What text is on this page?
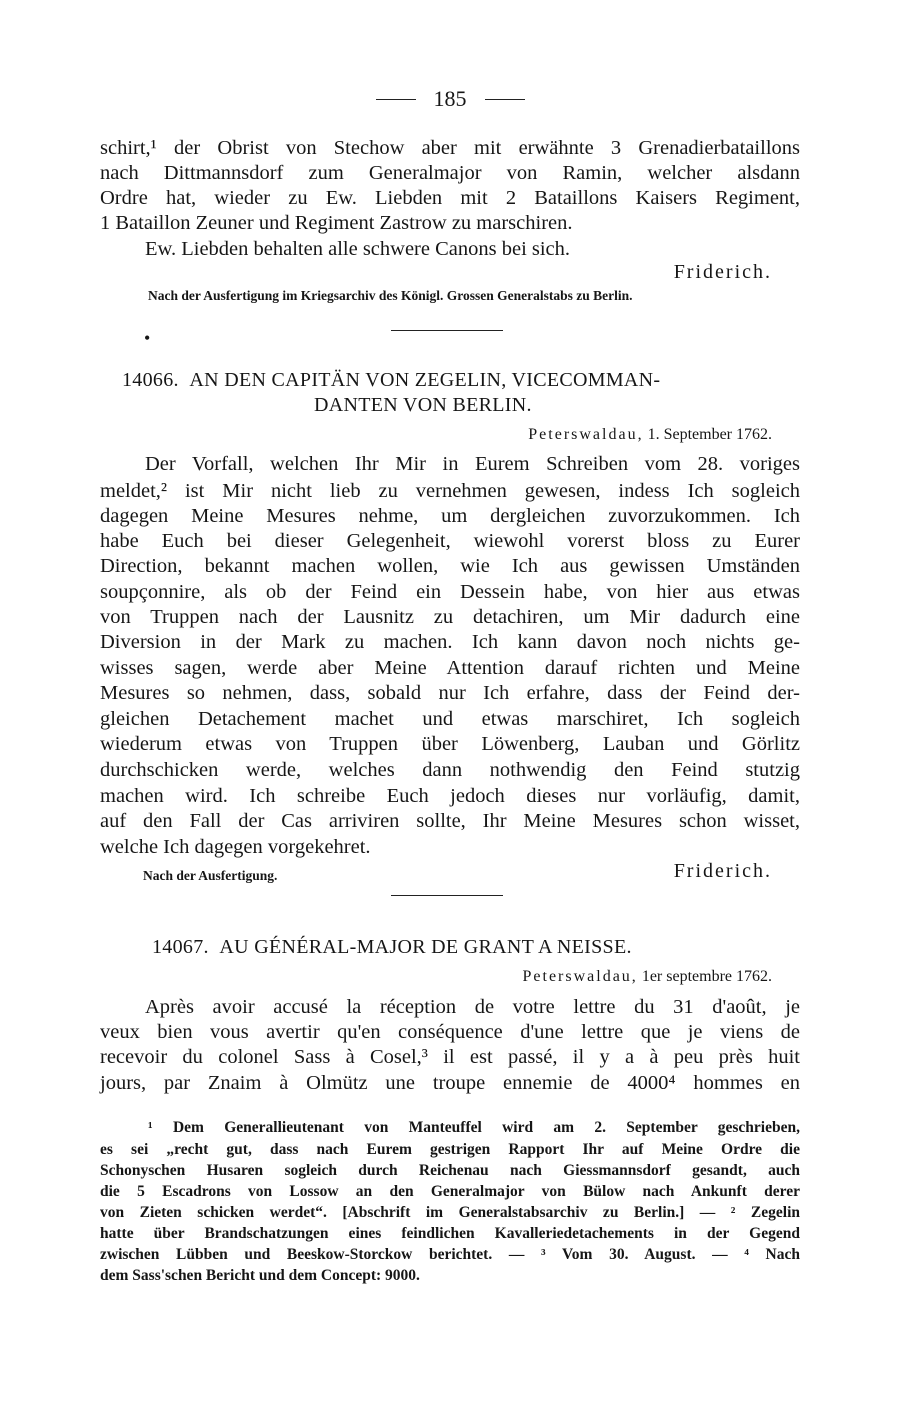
185
schirt,¹ der Obrist von Stechow aber mit erwähnte 3 Grenadierbataillons
nach Dittmannsdorf zum Generalmajor von Ramin, welcher alsdann
Ordre hat, wieder zu Ew. Liebden mit 2 Bataillons Kaisers Regiment,
1 Bataillon Zeuner und Regiment Zastrow zu marschiren.
Ew. Liebden behalten alle schwere Canons bei sich.
Friderich.
Nach der Ausfertigung im Kriegsarchiv des Königl. Grossen Generalstabs zu Berlin.
•
14066. AN DEN CAPITÄN VON ZEGELIN, VICECOMMAN-
DANTEN VON BERLIN.
Peterswaldau, 1. September 1762.
Der Vorfall, welchen Ihr Mir in Eurem Schreiben vom 28. voriges
meldet,² ist Mir nicht lieb zu vernehmen gewesen, indess Ich sogleich
dagegen Meine Mesures nehme, um dergleichen zuvorzukommen. Ich
habe Euch bei dieser Gelegenheit, wiewohl vorerst bloss zu Eurer
Direction, bekannt machen wollen, wie Ich aus gewissen Umständen
soupçonnire, als ob der Feind ein Dessein habe, von hier aus etwas
von Truppen nach der Lausnitz zu detachiren, um Mir dadurch eine
Diversion in der Mark zu machen. Ich kann davon noch nichts ge-
wisses sagen, werde aber Meine Attention darauf richten und Meine
Mesures so nehmen, dass, sobald nur Ich erfahre, dass der Feind der-
gleichen Detachement machet und etwas marschiret, Ich sogleich
wiederum etwas von Truppen über Löwenberg, Lauban und Görlitz
durchschicken werde, welches dann nothwendig den Feind stutzig
machen wird. Ich schreibe Euch jedoch dieses nur vorläufig, damit,
auf den Fall der Cas arriviren sollte, Ihr Meine Mesures schon wisset,
welche Ich dagegen vorgekehret.
Nach der Ausfertigung.	Friderich.
14067. AU GÉNÉRAL-MAJOR DE GRANT A NEISSE.
Peterswaldau, 1er septembre 1762.
Après avoir accusé la réception de votre lettre du 31 d'août, je
veux bien vous avertir qu'en conséquence d'une lettre que je viens de
recevoir du colonel Sass à Cosel,³ il est passé, il y a à peu près huit
jours, par Znaim à Olmütz une troupe ennemie de 4000⁴ hommes en
¹ Dem Generallieutenant von Manteuffel wird am 2. September geschrieben,
es sei „recht gut, dass nach Eurem gestrigen Rapport Ihr auf Meine Ordre die
Schonyschen Husaren sogleich durch Reichenau nach Giessmannsdorf gesandt, auch
die 5 Escadrons von Lossow an den Generalmajor von Bülow nach Ankunft derer
von Zieten schicken werdet“. [Abschrift im Generalstabsarchiv zu Berlin.] — ² Zegelin
hatte über Brandschatzungen eines feindlichen Kavalleriedetachements in der Gegend
zwischen Lübben und Beeskow-Storckow berichtet. — ³ Vom 30. August. — ⁴ Nach
dem Sass'schen Bericht und dem Concept: 9000.
